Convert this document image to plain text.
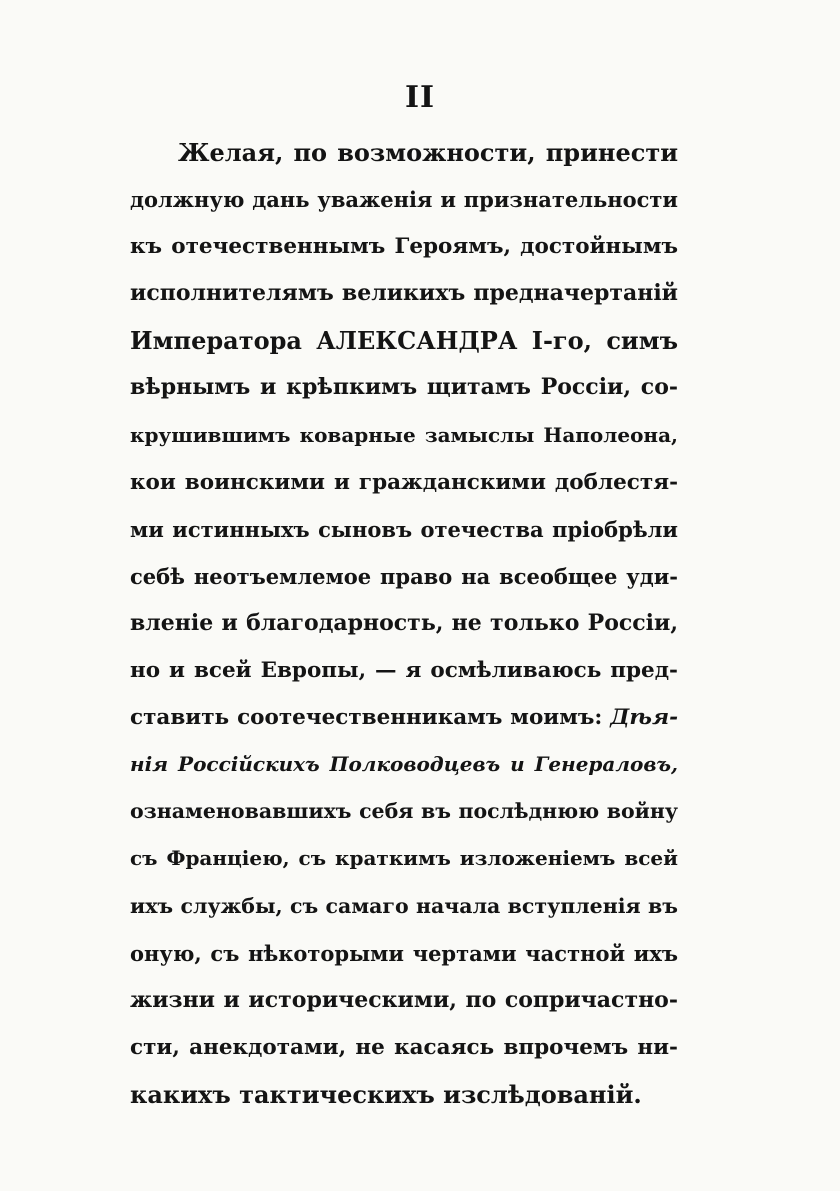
II
Желая, по возможности, принести
должную дань уваженія и признательности
къ отечественнымъ Героямъ, достойнымъ
исполнителямъ великихъ предначертаній
Императора АЛЕКСАНДРА I-го, симъ
вѣрнымъ и крѣпкимъ щитамъ Россіи, со-
крушившимъ коварные замыслы Наполеона,
кои воинскими и гражданскими доблестя-
ми истинныхъ сыновъ отечества пріобрѣли
себѣ неотъемлемое право на всеобщее уди-
вленіе и благодарность, не только Россіи,
но и всей Европы, — я осмѣливаюсь пред-
ставить соотечественникамъ моимъ: Дѣя-
нія Россійскихъ Полководцевъ и Генераловъ,
ознаменовавшихъ себя въ послѣднюю войну
съ Франціею, съ краткимъ изложеніемъ всей
ихъ службы, съ самаго начала вступленія въ
оную, съ нѣкоторыми чертами частной ихъ
жизни и историческими, по сопричастно-
сти, анекдотами, не касаясь впрочемъ ни-
какихъ тактическихъ изслѣдованій.
